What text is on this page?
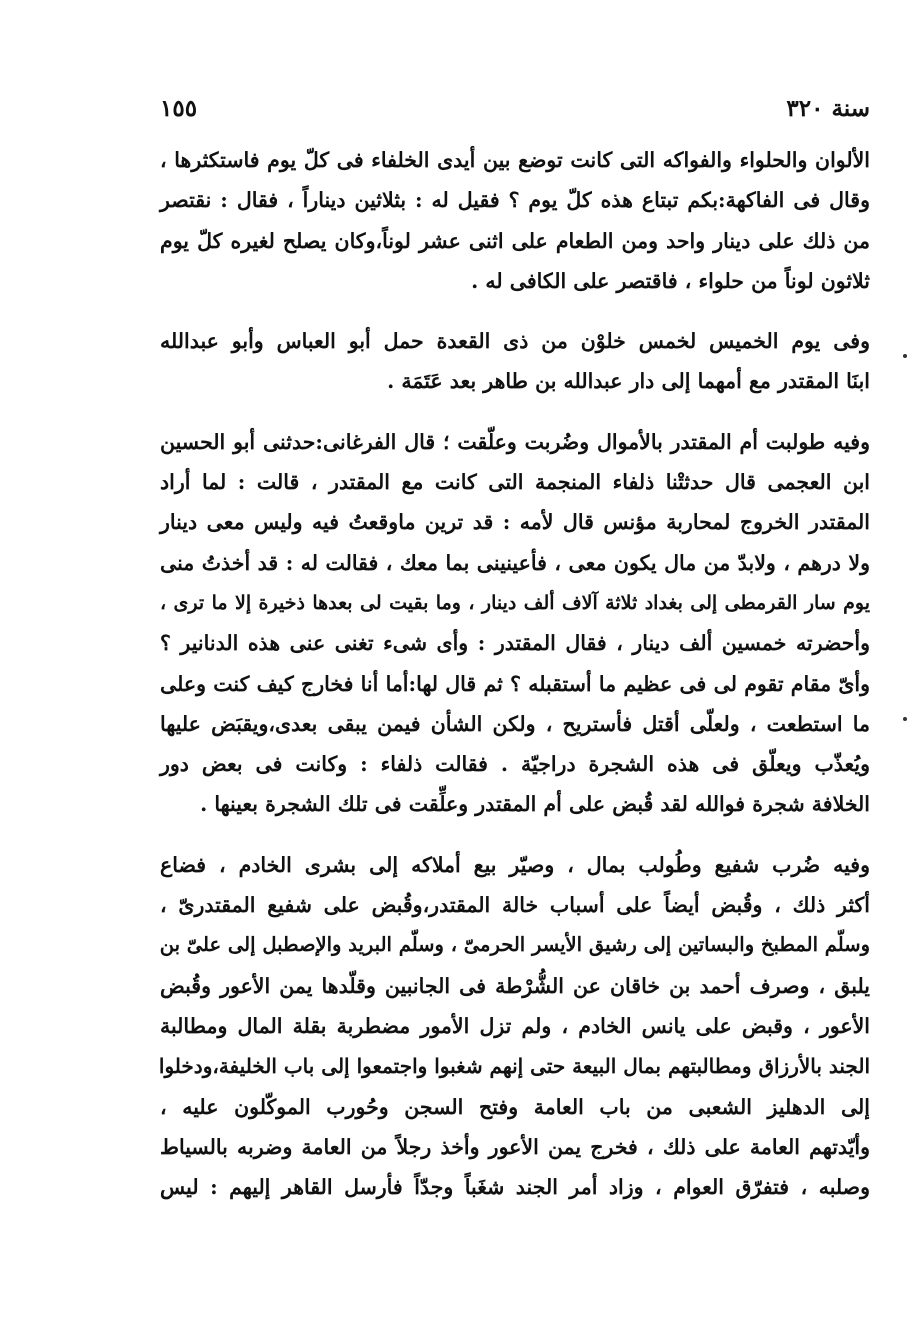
سنة ٣٢٠
١٥٥
الألوان والحلواء والفواكه التى كانت توضع بين أيدى الخلفاء فى كلّ يوم فاستكثرها ،
وقال فى الفاكهة:بكم تبتاع هذه كلّ يوم ؟ فقيل له : بثلاثين ديناراً ، فقال : نقتصر
من ذلك على دينار واحد ومن الطعام على اثنى عشر لوناً،وكان يصلح لغيره كلّ يوم
ثلاثون لوناً من حلواء ، فاقتصر على الكافى له .
وفى يوم الخميس لخمس خلوْن من ذى القعدة حمل أبو العباس وأبو عبدالله
ابنَا المقتدر مع أمهما إلى دار عبدالله بن طاهر بعد عَتَمَة .
وفيه طولبت أم المقتدر بالأموال وضُربت وعلّقت ؛ قال الفرغانى:حدثنى أبو الحسين
ابن العجمى قال حدثتْنا ذلفاء المنجمة التى كانت مع المقتدر ، قالت : لما أراد
المقتدر الخروج لمحاربة مؤنس قال لأمه : قد ترين ماوقعتُ فيه وليس معى دينار
ولا درهم ، ولابدّ من مال يكون معى ، فأعينينى بما معك ، فقالت له : قد أخذتُ منى
يوم سار القرمطى إلى بغداد ثلاثة آلاف ألف دينار ، وما بقيت لى بعدها ذخيرة إلا ما ترى ،
وأحضرته خمسين ألف دينار ، فقال المقتدر : وأى شىء تغنى عنى هذه الدنانير ؟
وأىّ مقام تقوم لى فى عظيم ما أستقبله ؟ ثم قال لها:أما أنا فخارج كيف كنت وعلى
ما استطعت ، ولعلّى أقتل فأستريح ، ولكن الشأن فيمن يبقى بعدى،ويقبَض عليها
ويُعذّب ويعلّق فى هذه الشجرة دراجيّة . فقالت ذلفاء : وكانت فى بعض دور
الخلافة شجرة فوالله لقد قُبض على أم المقتدر وعلِّقت فى تلك الشجرة بعينها .
وفيه ضُرب شفيع وطُولب بمال ، وصيّر بيع أملاكه إلى بشرى الخادم ، فضاع
أكثر ذلك ، وقُبض أيضاً على أسباب خالة المقتدر،وقُبض على شفيع المقتدرىّ ،
وسلّم المطبخ والبساتين إلى رشيق الأيسر الحرمىّ ، وسلّم البريد والإصطبل إلى علىّ بن
يلبق ، وصرف أحمد بن خاقان عن الشُّرْطة فى الجانبين وقلّدها يمن الأعور وقُبض
الأعور ، وقبض على يانس الخادم ، ولم تزل الأمور مضطربة بقلة المال ومطالبة
الجند بالأرزاق ومطالبتهم بمال البيعة حتى إنهم شغبوا واجتمعوا إلى باب الخليفة،ودخلوا
إلى الدهليز الشعبى من باب العامة وفتح السجن وحُورب الموكّلون عليه ،
وأيّدتهم العامة على ذلك ، فخرج يمن الأعور وأخذ رجلاً من العامة وضربه بالسياط
وصلبه ، فتفرّق العوام ، وزاد أمر الجند شغَباً وجدّاً فأرسل القاهر إليهم : ليس
